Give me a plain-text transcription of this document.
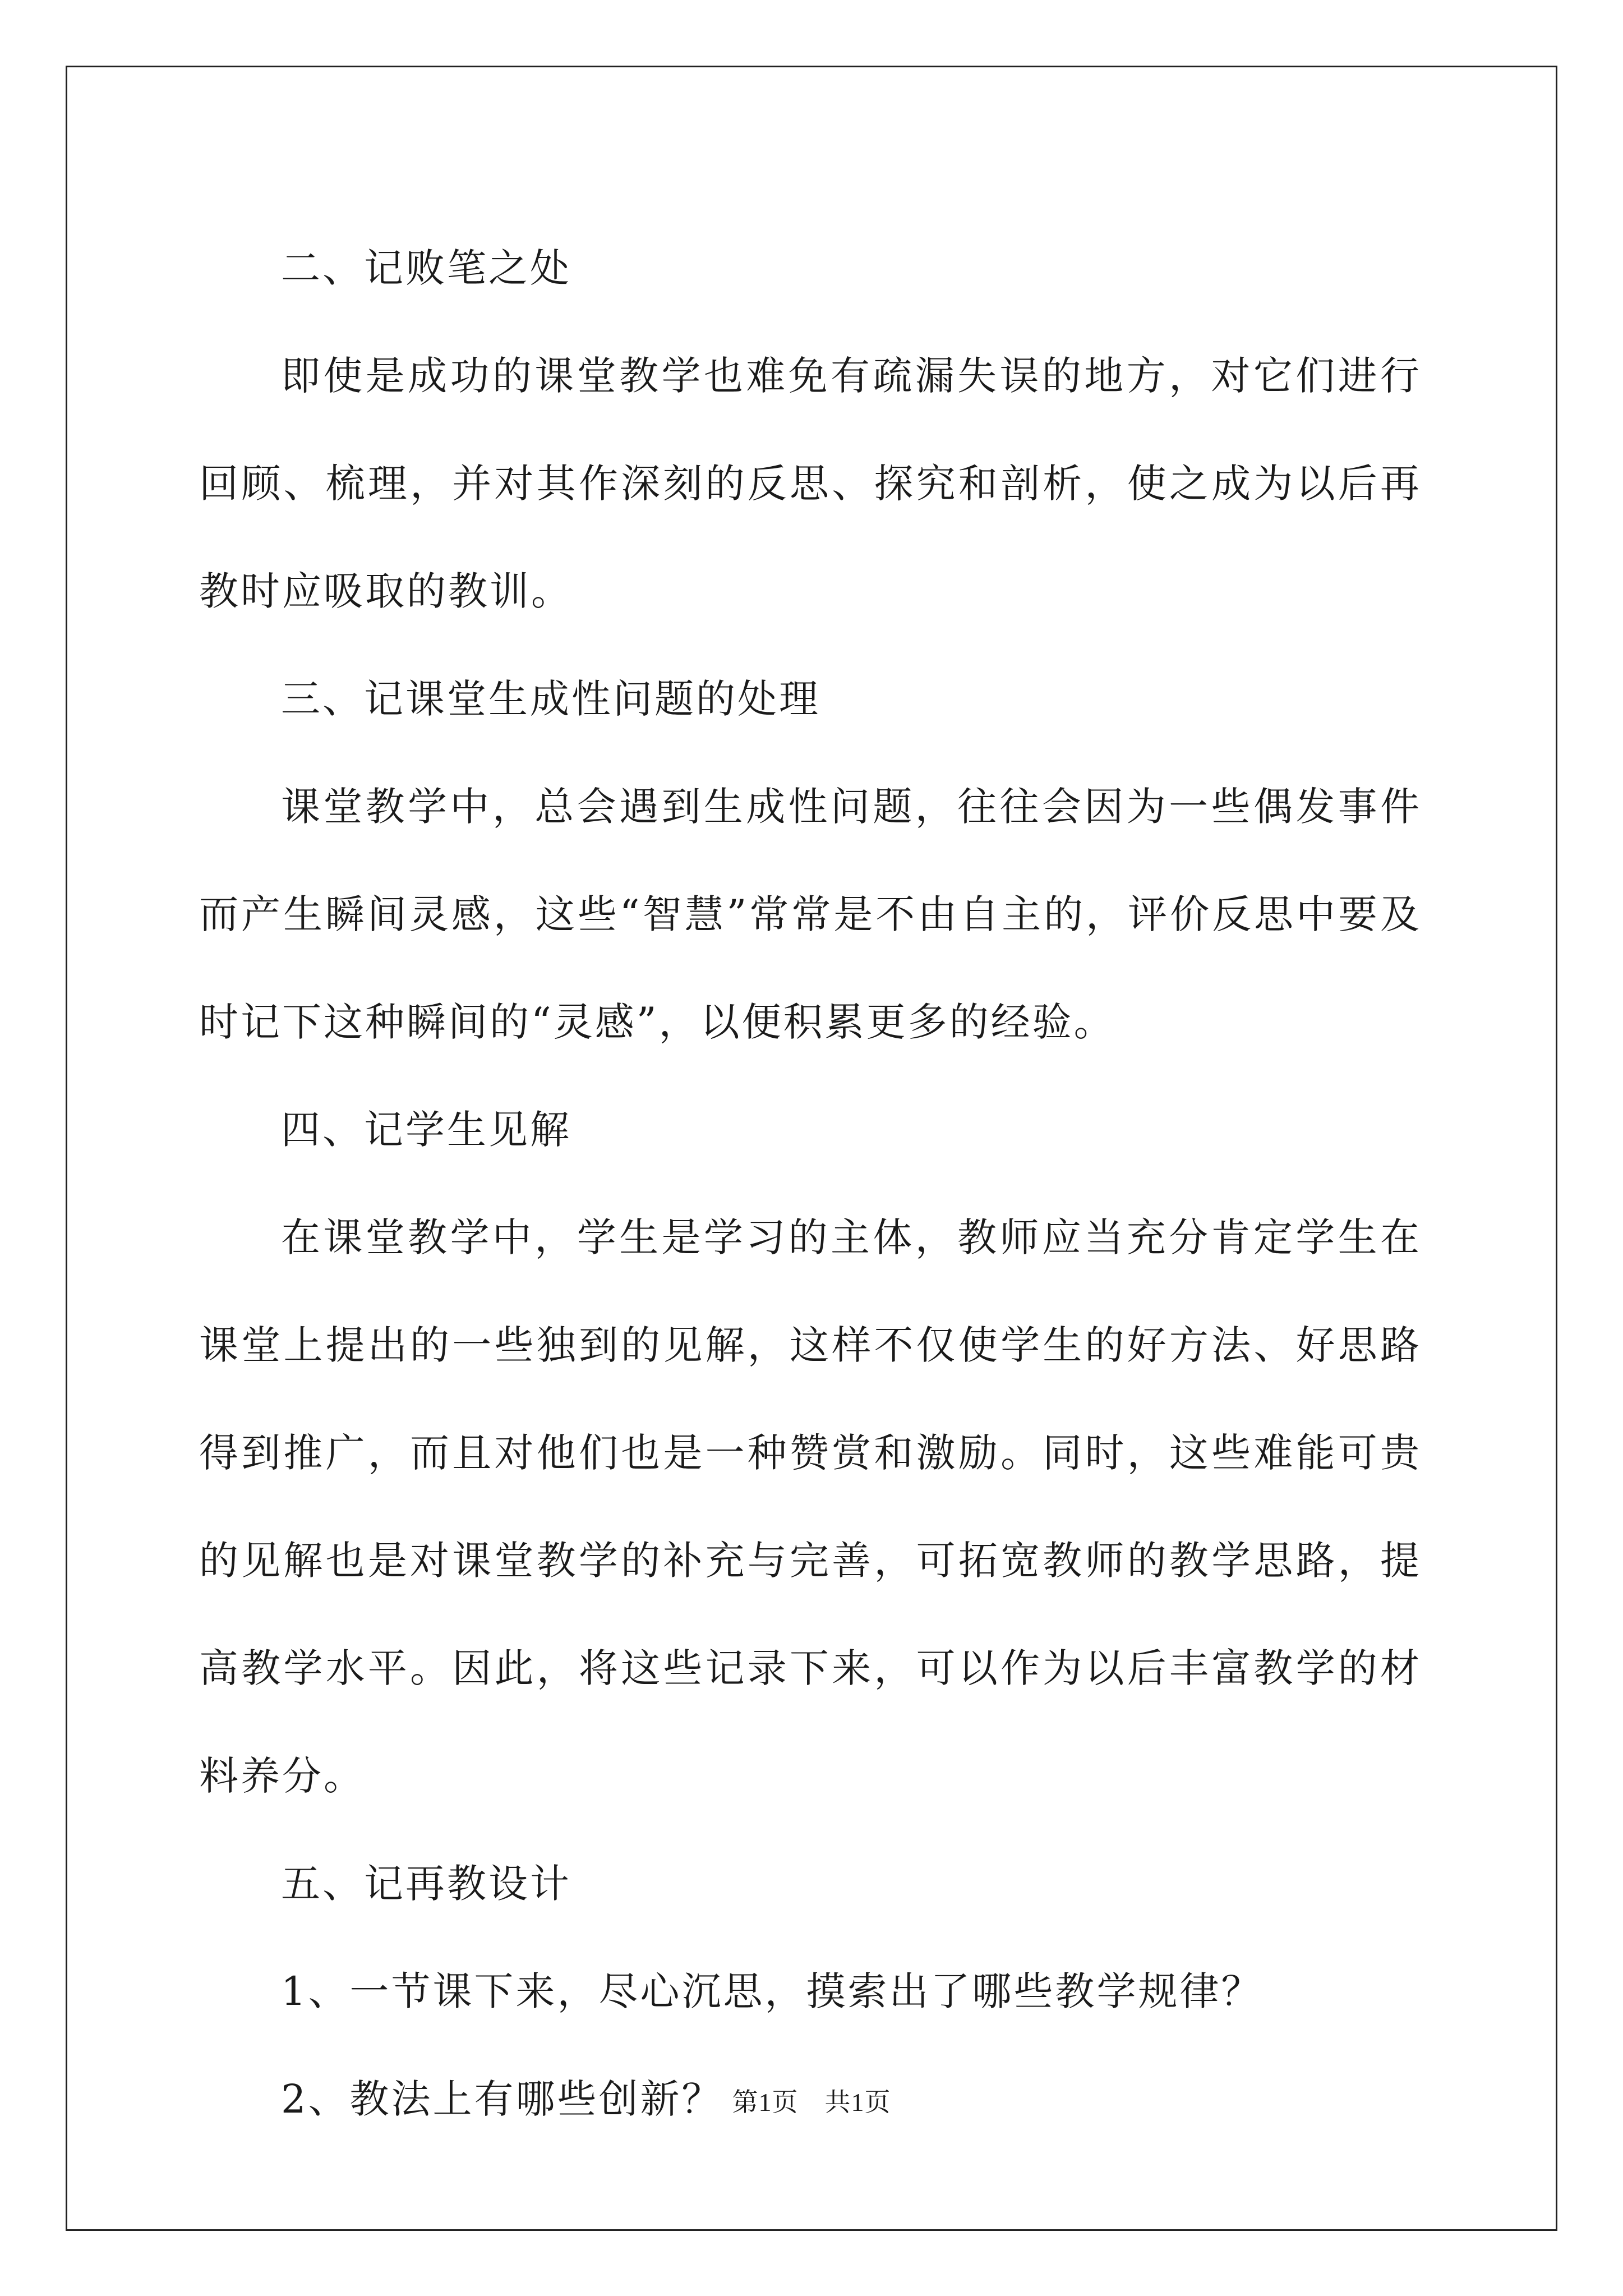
二、记败笔之处

即使是成功的课堂教学也难免有疏漏失误的地方，对它们进行回顾、梳理，并对其作深刻的反思、探究和剖析，使之成为以后再教时应吸取的教训。

三、记课堂生成性问题的处理

课堂教学中，总会遇到生成性问题，往往会因为一些偶发事件而产生瞬间灵感，这些“智慧”常常是不由自主的，评价反思中要及时记下这种瞬间的“灵感”，以便积累更多的经验。

四、记学生见解

在课堂教学中，学生是学习的主体，教师应当充分肯定学生在课堂上提出的一些独到的见解，这样不仅使学生的好方法、好思路得到推广，而且对他们也是一种赞赏和激励。同时，这些难能可贵的见解也是对课堂教学的补充与完善，可拓宽教师的教学思路，提高教学水平。因此，将这些记录下来，可以作为以后丰富教学的材料养分。

五、记再教设计

1、一节课下来，尽心沉思，摸索出了哪些教学规律？

2、教法上有哪些创新？ 第1页　共1页
